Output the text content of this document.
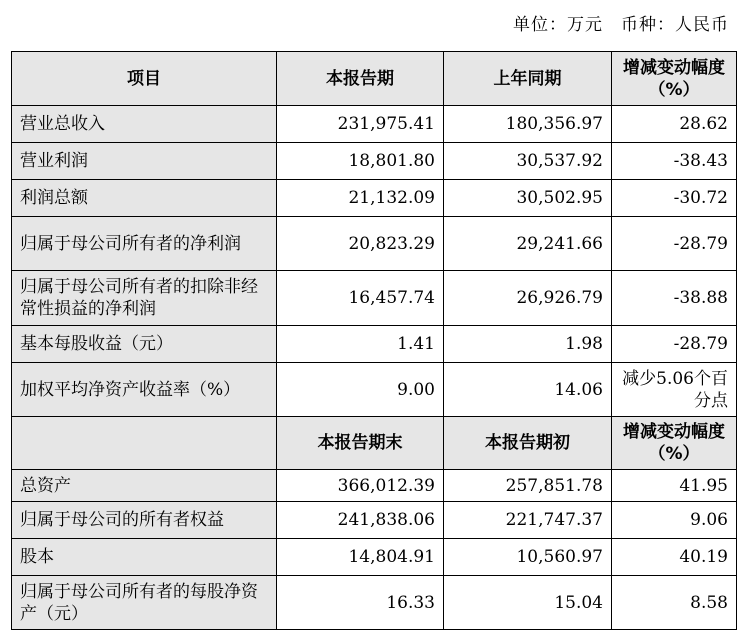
单位：万元　币种：人民币
项目	本报告期	上年同期	增减变动幅度（%）
营业总收入	231,975.41	180,356.97	28.62
营业利润	18,801.80	30,537.92	-38.43
利润总额	21,132.09	30,502.95	-30.72
归属于母公司所有者的净利润	20,823.29	29,241.66	-28.79
归属于母公司所有者的扣除非经常性损益的净利润	16,457.74	26,926.79	-38.88
基本每股收益（元）	1.41	1.98	-28.79
加权平均净资产收益率（%）	9.00	14.06	减少5.06个百分点
	本报告期末	本报告期初	增减变动幅度（%）
总资产	366,012.39	257,851.78	41.95
归属于母公司的所有者权益	241,838.06	221,747.37	9.06
股本	14,804.91	10,560.97	40.19
归属于母公司所有者的每股净资产（元）	16.33	15.04	8.58
